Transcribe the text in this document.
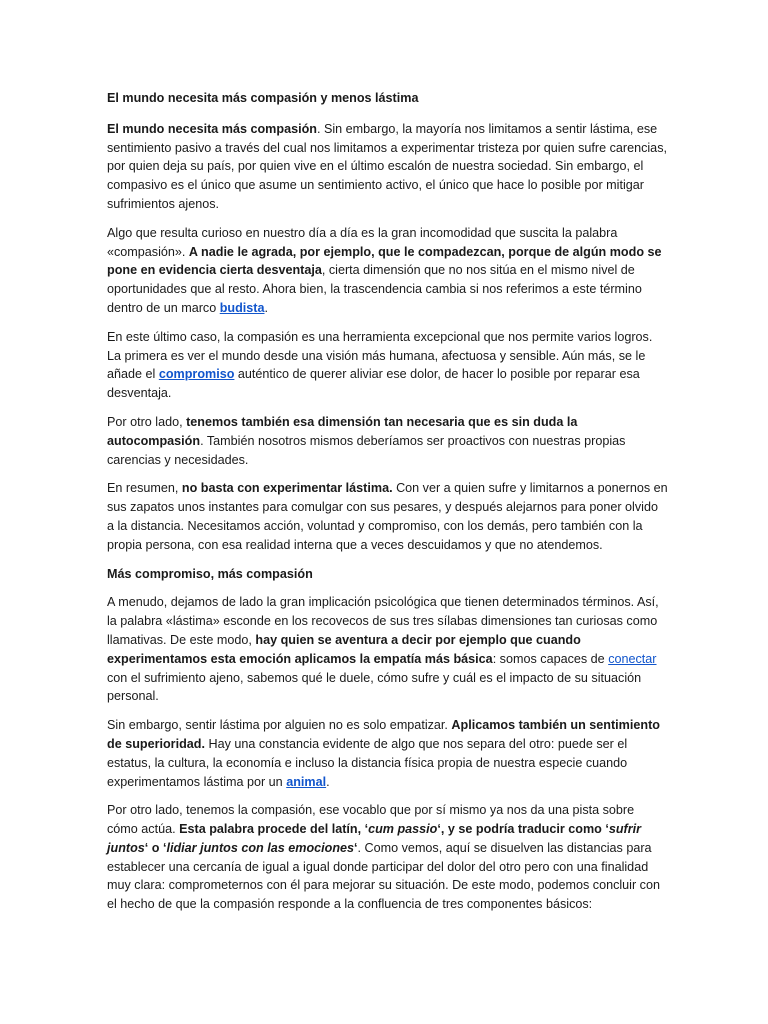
El mundo necesita más compasión y menos lástima

El mundo necesita más compasión. Sin embargo, la mayoría nos limitamos a sentir lástima, ese sentimiento pasivo a través del cual nos limitamos a experimentar tristeza por quien sufre carencias, por quien deja su país, por quien vive en el último escalón de nuestra sociedad. Sin embargo, el compasivo es el único que asume un sentimiento activo, el único que hace lo posible por mitigar sufrimientos ajenos.

Algo que resulta curioso en nuestro día a día es la gran incomodidad que suscita la palabra «compasión». A nadie le agrada, por ejemplo, que le compadezcan, porque de algún modo se pone en evidencia cierta desventaja, cierta dimensión que no nos sitúa en el mismo nivel de oportunidades que al resto. Ahora bien, la trascendencia cambia si nos referimos a este término dentro de un marco budista.

En este último caso, la compasión es una herramienta excepcional que nos permite varios logros. La primera es ver el mundo desde una visión más humana, afectuosa y sensible. Aún más, se le añade el compromiso auténtico de querer aliviar ese dolor, de hacer lo posible por reparar esa desventaja.

Por otro lado, tenemos también esa dimensión tan necesaria que es sin duda la autocompasión. También nosotros mismos deberíamos ser proactivos con nuestras propias carencias y necesidades.

En resumen, no basta con experimentar lástima. Con ver a quien sufre y limitarnos a ponernos en sus zapatos unos instantes para comulgar con sus pesares, y después alejarnos para poner olvido a la distancia. Necesitamos acción, voluntad y compromiso, con los demás, pero también con la propia persona, con esa realidad interna que a veces descuidamos y que no atendemos.

Más compromiso, más compasión

A menudo, dejamos de lado la gran implicación psicológica que tienen determinados términos. Así, la palabra «lástima» esconde en los recovecos de sus tres sílabas dimensiones tan curiosas como llamativas. De este modo, hay quien se aventura a decir por ejemplo que cuando experimentamos esta emoción aplicamos la empatía más básica: somos capaces de conectar con el sufrimiento ajeno, sabemos qué le duele, cómo sufre y cuál es el impacto de su situación personal.

Sin embargo, sentir lástima por alguien no es solo empatizar. Aplicamos también un sentimiento de superioridad. Hay una constancia evidente de algo que nos separa del otro: puede ser el estatus, la cultura, la economía e incluso la distancia física propia de nuestra especie cuando experimentamos lástima por un animal.

Por otro lado, tenemos la compasión, ese vocablo que por sí mismo ya nos da una pista sobre cómo actúa. Esta palabra procede del latín, ‘cum passio‘, y se podría traducir como ‘sufrir juntos‘ o ‘lidiar juntos con las emociones‘. Como vemos, aquí se disuelven las distancias para establecer una cercanía de igual a igual donde participar del dolor del otro pero con una finalidad muy clara: comprometernos con él para mejorar su situación. De este modo, podemos concluir con el hecho de que la compasión responde a la confluencia de tres componentes básicos:
